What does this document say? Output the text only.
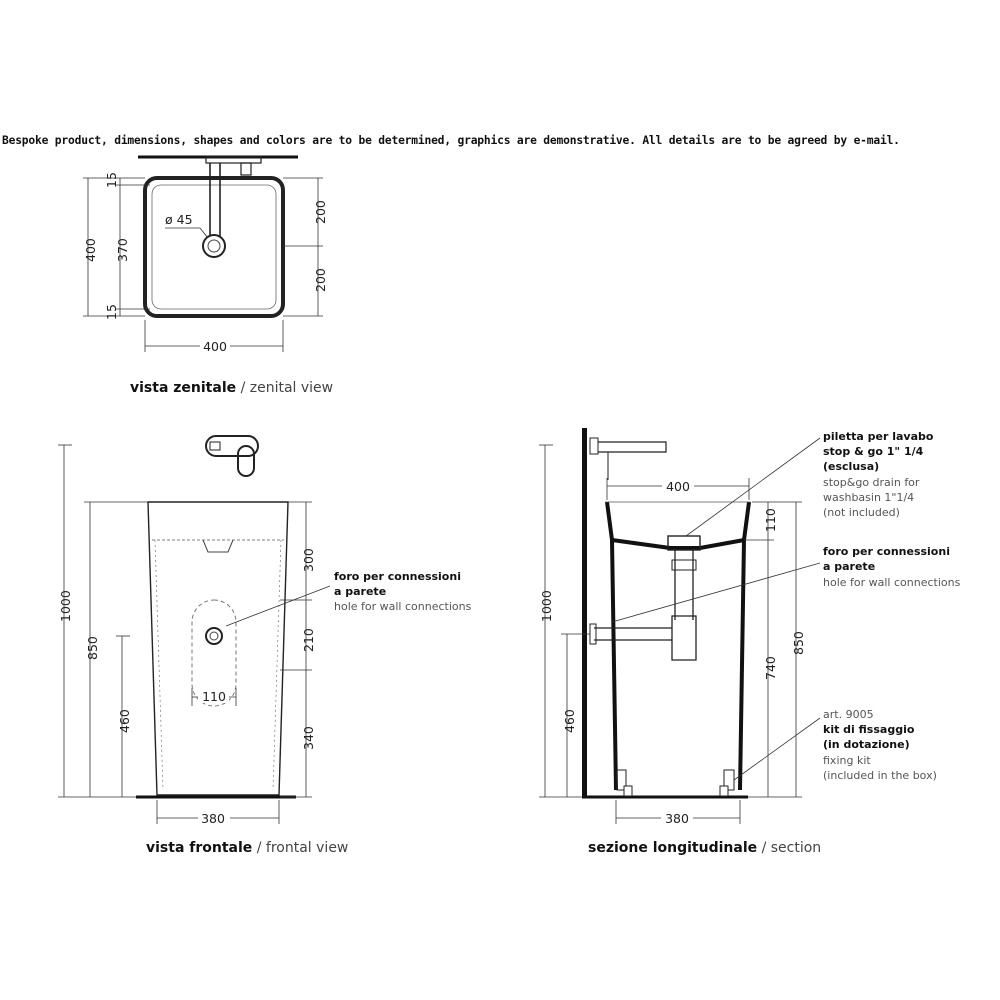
Bespoke product, dimensions, shapes and colors are to be determined, graphics are demonstrative. All details are to be agreed by e-mail.
ø 45
400 370
15
15
200
200
400
vista zenitale / zenital view
110
1000
850
460
300
210
340
380
foro per connessioni
a parete
hole for wall connections
vista frontale / frontal view
400
1000
460
110
740
850
380
piletta per lavabo
stop & go 1" 1/4
(esclusa)
stop&go drain for
washbasin 1"1/4
(not included)
foro per connessioni
a parete
hole for wall connections
art. 9005
kit di fissaggio
(in dotazione)
fixing kit
(included in the box)
sezione longitudinale / section
